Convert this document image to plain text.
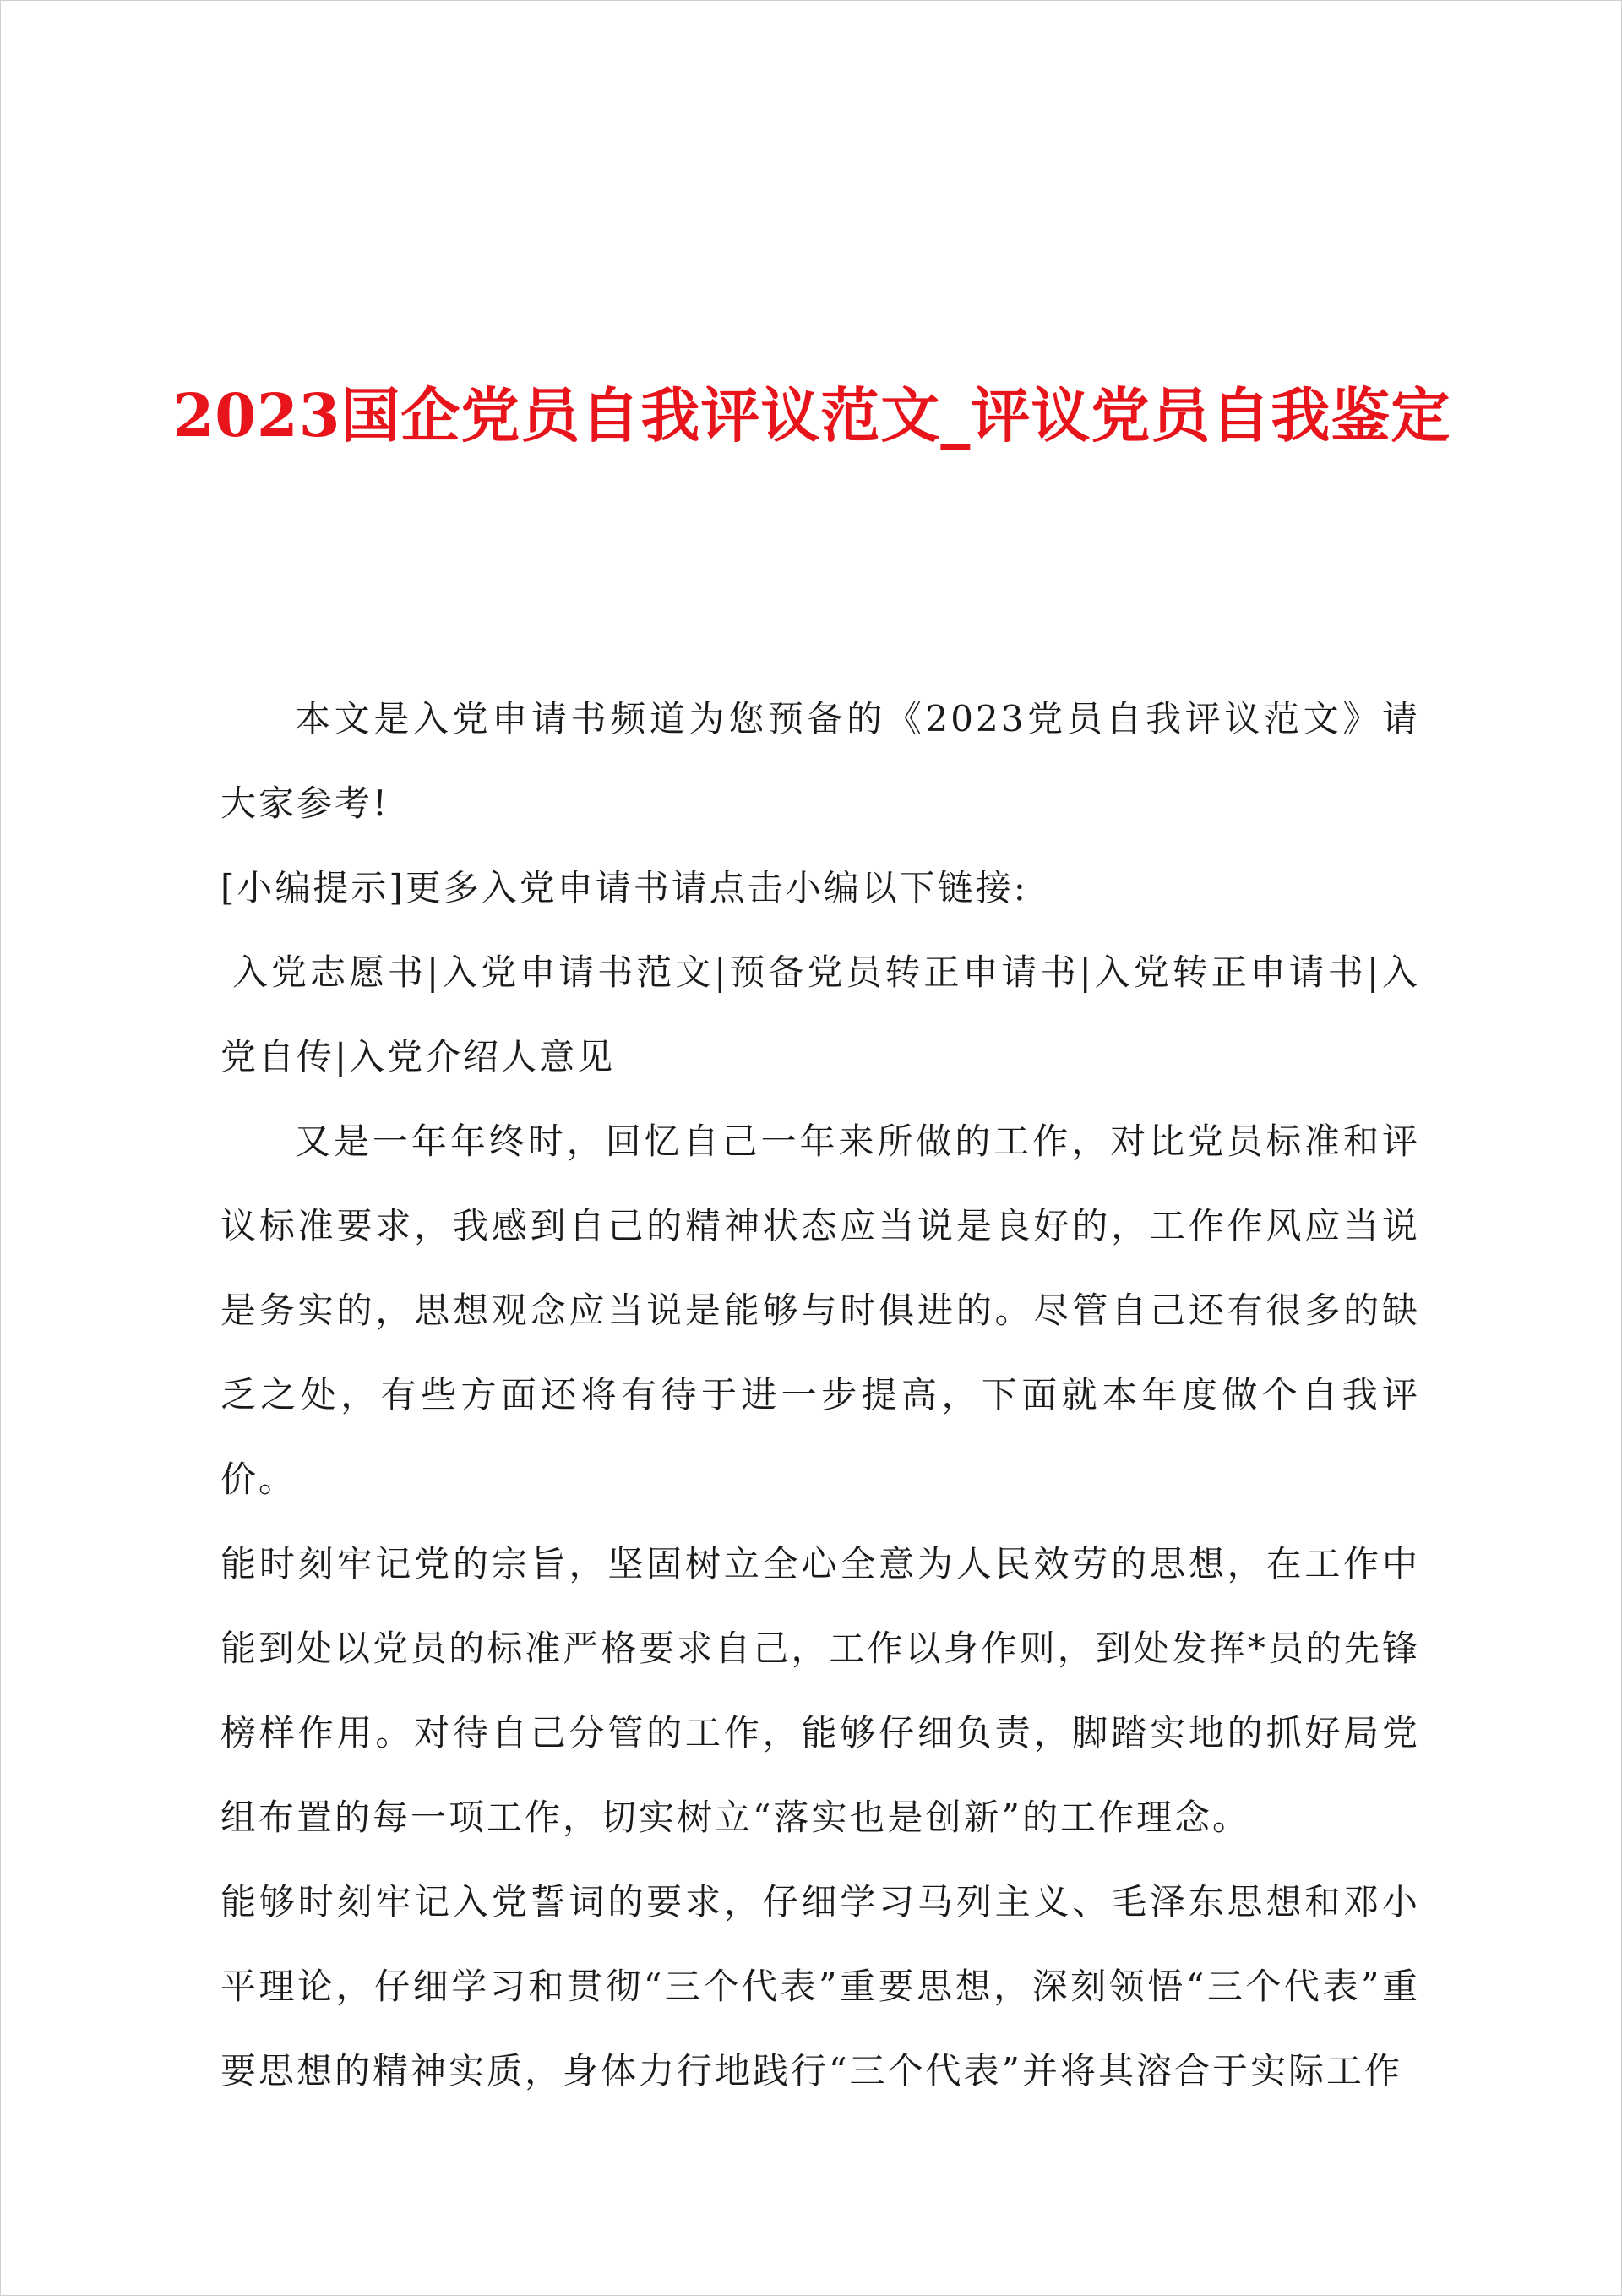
2023国企党员自我评议范文_评议党员自我鉴定

本文是入党申请书频道为您预备的《2023党员自我评议范文》请大家参考!

[小编提示]更多入党申请书请点击小编以下链接:

入党志愿书|入党申请书范文|预备党员转正申请书|入党转正申请书|入党自传|入党介绍人意见

又是一年年终时，回忆自己一年来所做的工作，对比党员标准和评议标准要求，我感到自己的精神状态应当说是良好的，工作作风应当说是务实的，思想观念应当说是能够与时俱进的。尽管自己还有很多的缺乏之处，有些方面还将有待于进一步提高，下面就本年度做个自我评价。

能时刻牢记党的宗旨，坚固树立全心全意为人民效劳的思想，在工作中能到处以党员的标准严格要求自己，工作以身作则，到处发挥*员的先锋榜样作用。对待自己分管的工作，能够仔细负责，脚踏实地的抓好局党组布置的每一项工作，切实树立“落实也是创新”的工作理念。

能够时刻牢记入党誓词的要求，仔细学习马列主义、毛泽东思想和邓小平理论，仔细学习和贯彻“三个代表”重要思想，深刻领悟“三个代表”重要思想的精神实质，身体力行地践行“三个代表”并将其溶合于实际工作
